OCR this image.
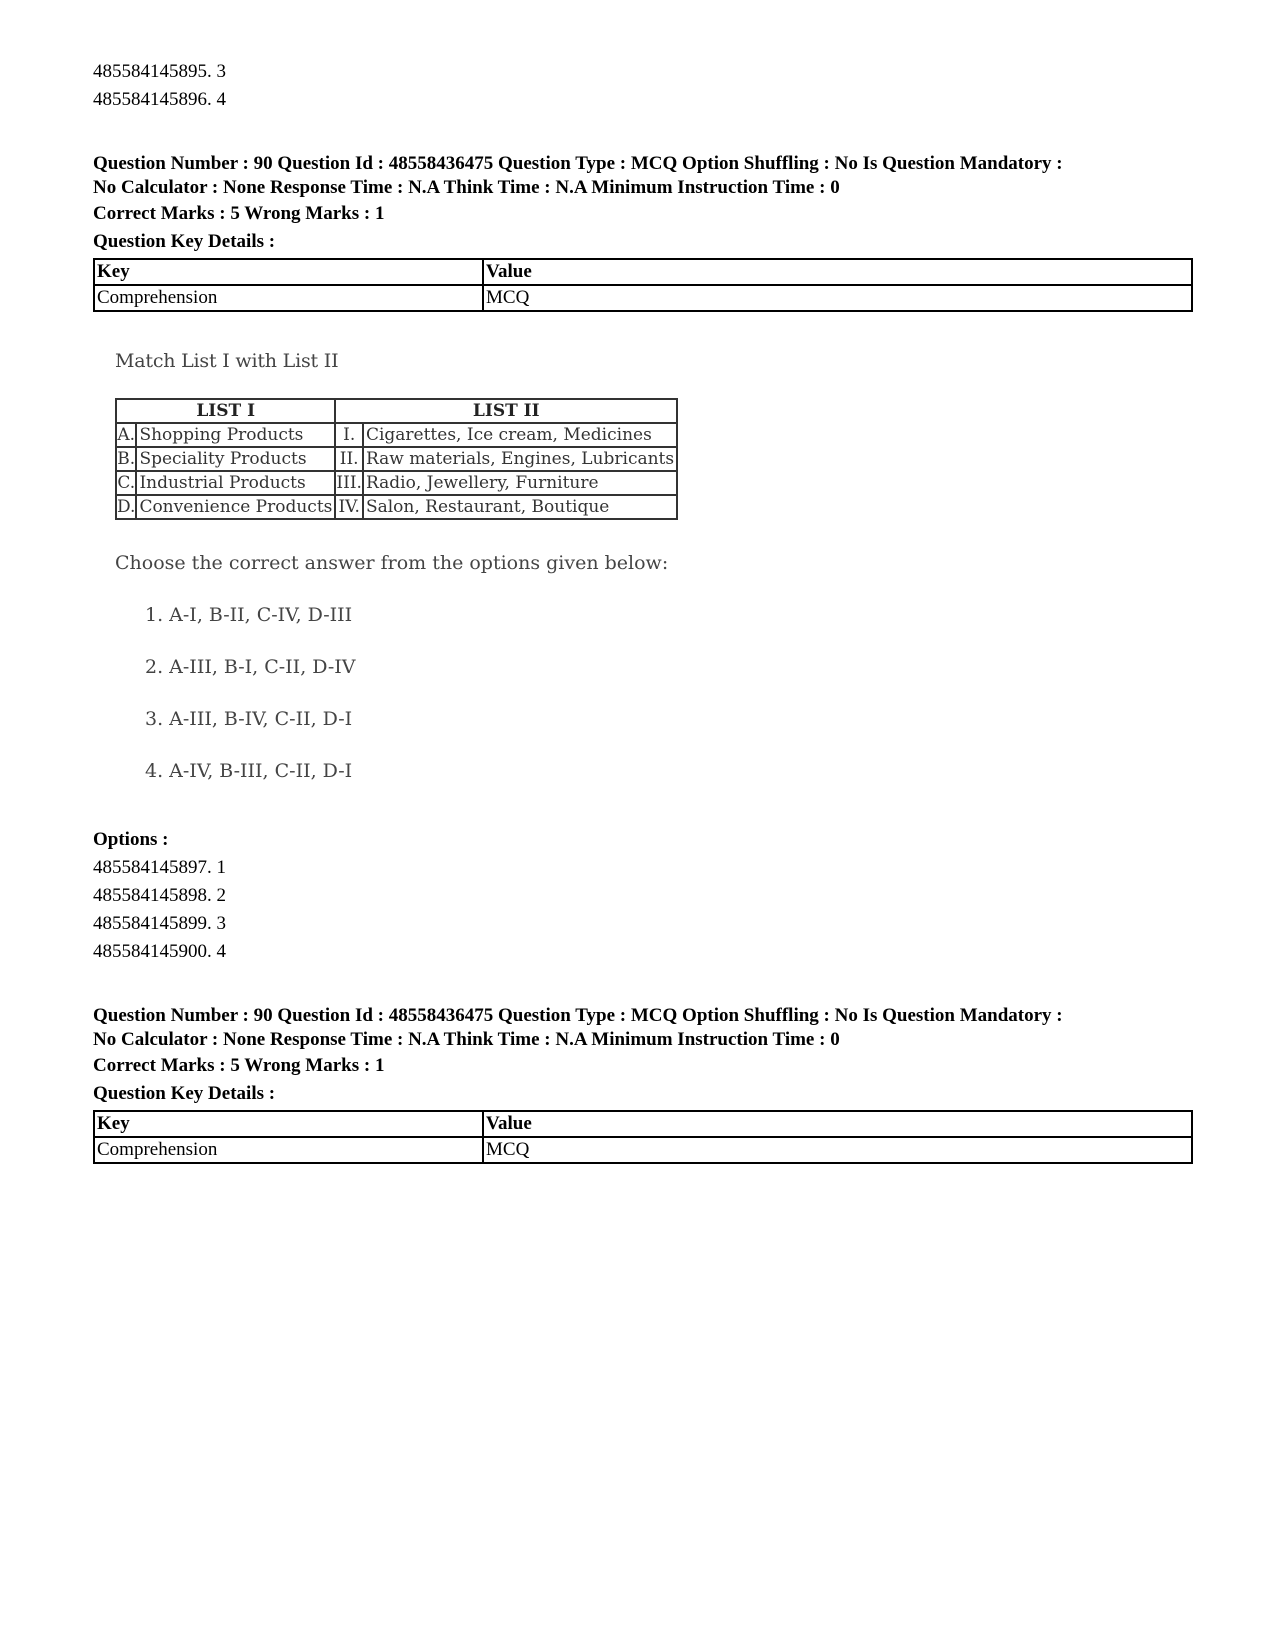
485584145895. 3
485584145896. 4
Question Number : 90 Question Id : 48558436475 Question Type : MCQ Option Shuffling : No Is Question Mandatory :
No Calculator : None Response Time : N.A Think Time : N.A Minimum Instruction Time : 0
Correct Marks : 5 Wrong Marks : 1
Question Key Details :
Key	Value
Comprehension	MCQ
Match List I with List II
LIST I		LIST II	
A.	Shopping Products	I.	Cigarettes, Ice cream, Medicines
B.	Speciality Products	II.	Raw materials, Engines, Lubricants
C.	Industrial Products	III.	Radio, Jewellery, Furniture
D.	Convenience Products	IV.	Salon, Restaurant, Boutique
Choose the correct answer from the options given below:
1. A-I, B-II, C-IV, D-III
2. A-III, B-I, C-II, D-IV
3. A-III, B-IV, C-II, D-I
4. A-IV, B-III, C-II, D-I
Options :
485584145897. 1
485584145898. 2
485584145899. 3
485584145900. 4
Question Number : 90 Question Id : 48558436475 Question Type : MCQ Option Shuffling : No Is Question Mandatory :
No Calculator : None Response Time : N.A Think Time : N.A Minimum Instruction Time : 0
Correct Marks : 5 Wrong Marks : 1
Question Key Details :
Key	Value
Comprehension	MCQ
